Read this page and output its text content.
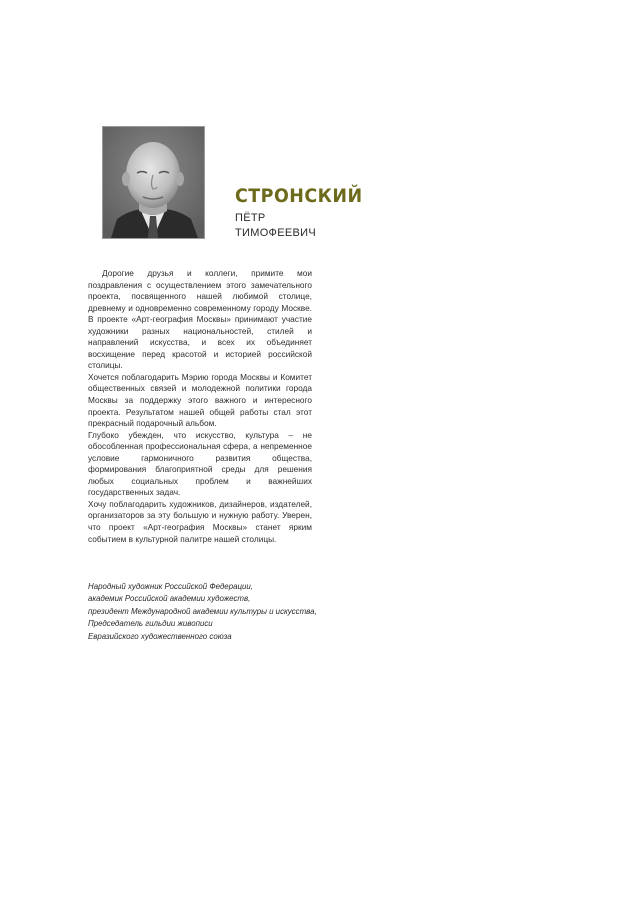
СТРОНСКИЙ
ПЁТР
ТИМОФЕЕВИЧ

Дорогие друзья и коллеги, примите мои поздравления с осуществлением этого замечательного проекта, посвященного нашей любимой столице, древнему и одновременно современному городу Москве. В проекте «Арт-география Москвы» принимают участие художники разных национальностей, стилей и направлений искусства, и всех их объединяет восхищение перед красотой и историей российской столицы.

Хочется поблагодарить Мэрию города Москвы и Комитет общественных связей и молодежной политики города Москвы за поддержку этого важного и интересного проекта. Результатом нашей общей работы стал этот прекрасный подарочный альбом.

Глубоко убежден, что искусство, культура – не обособленная профессиональная сфера, а непременное условие гармоничного развития общества, формирования благоприятной среды для решения любых социальных проблем и важнейших государственных задач.

Хочу поблагодарить художников, дизайнеров, издателей, организаторов за эту большую и нужную работу. Уверен, что проект «Арт-география Москвы» станет ярким событием в культурной палитре нашей столицы.

Народный художник Российской Федерации,
академик Российской академии художеств,
президент Международной академии культуры и искусства,
Председатель гильдии живописи
Евразийского художественного союза
